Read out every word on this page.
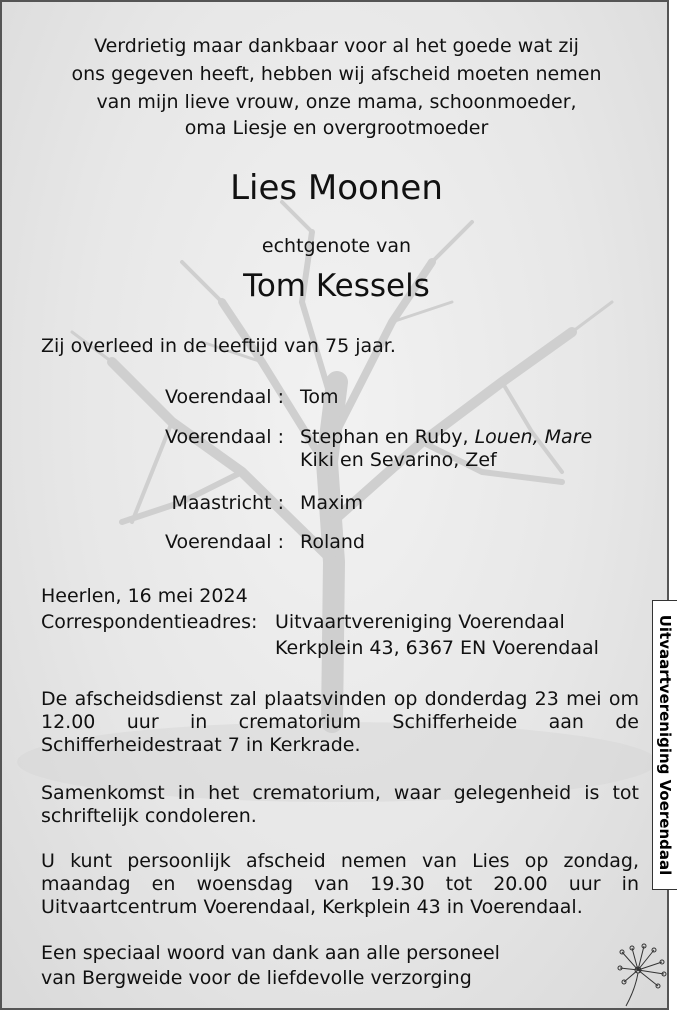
Verdrietig maar dankbaar voor al het goede wat zij
ons gegeven heeft, hebben wij afscheid moeten nemen
van mijn lieve vrouw, onze mama, schoonmoeder,
oma Liesje en overgrootmoeder
Lies Moonen
echtgenote van
Tom Kessels
Zij overleed in de leeftijd van 75 jaar.
Voerendaal : Tom
Voerendaal : Stephan en Ruby, Louen, Mare
Kiki en Sevarino, Zef
Maastricht : Maxim
Voerendaal : Roland
Heerlen, 16 mei 2024
Correspondentieadres: Uitvaartvereniging Voerendaal
Kerkplein 43, 6367 EN Voerendaal
De afscheidsdienst zal plaatsvinden op donderdag 23 mei om 12.00 uur in crematorium Schifferheide aan de Schifferheidestraat 7 in Kerkrade.
Samenkomst in het crematorium, waar gelegenheid is tot schriftelijk condoleren.
U kunt persoonlijk afscheid nemen van Lies op zondag, maandag en woensdag van 19.30 tot 20.00 uur in Uitvaartcentrum Voerendaal, Kerkplein 43 in Voerendaal.
Een speciaal woord van dank aan alle personeel
van Bergweide voor de liefdevolle verzorging
Uitvaartvereniging Voerendaal
